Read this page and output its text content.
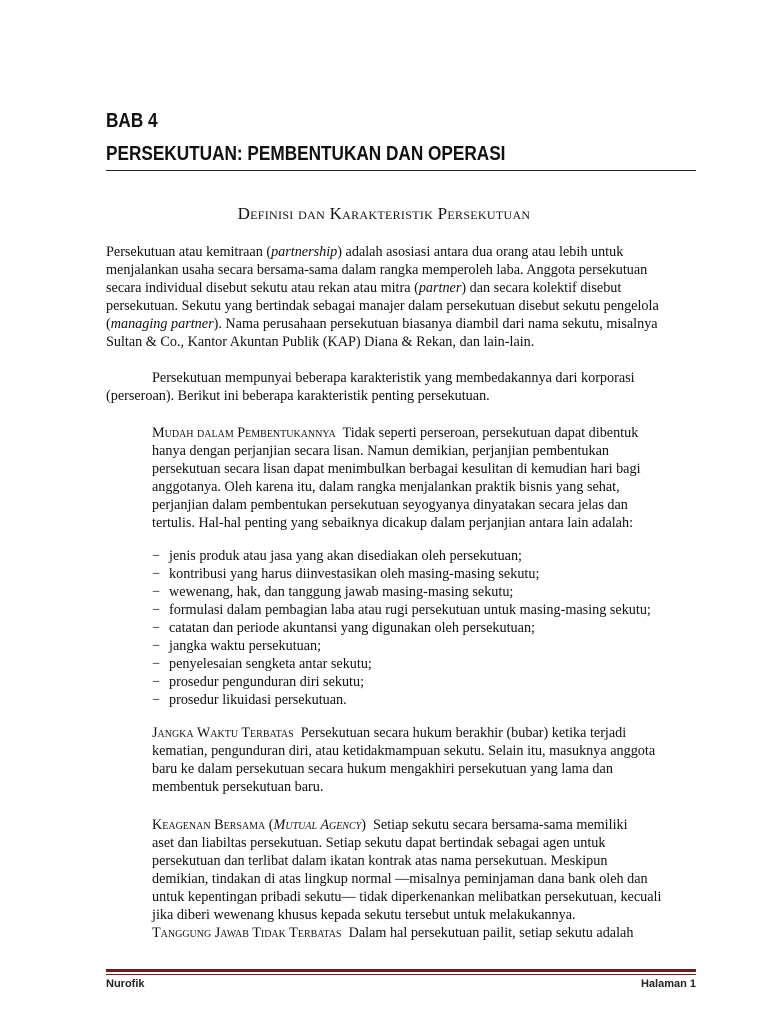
BAB 4
PERSEKUTUAN: PEMBENTUKAN DAN OPERASI
Definisi dan Karakteristik Persekutuan
Persekutuan atau kemitraan (partnership) adalah asosiasi antara dua orang atau lebih untuk
menjalankan usaha secara bersama-sama dalam rangka memperoleh laba. Anggota persekutuan
secara individual disebut sekutu atau rekan atau mitra (partner) dan secara kolektif disebut
persekutuan. Sekutu yang bertindak sebagai manajer dalam persekutuan disebut sekutu pengelola
(managing partner). Nama perusahaan persekutuan biasanya diambil dari nama sekutu, misalnya
Sultan & Co., Kantor Akuntan Publik (KAP) Diana & Rekan, dan lain-lain.
Persekutuan mempunyai beberapa karakteristik yang membedakannya dari korporasi
(perseroan). Berikut ini beberapa karakteristik penting persekutuan.
Mudah dalam Pembentukannya Tidak seperti perseroan, persekutuan dapat dibentuk
hanya dengan perjanjian secara lisan. Namun demikian, perjanjian pembentukan
persekutuan secara lisan dapat menimbulkan berbagai kesulitan di kemudian hari bagi
anggotanya. Oleh karena itu, dalam rangka menjalankan praktik bisnis yang sehat,
perjanjian dalam pembentukan persekutuan seyogyanya dinyatakan secara jelas dan
tertulis. Hal-hal penting yang sebaiknya dicakup dalam perjanjian antara lain adalah:
− jenis produk atau jasa yang akan disediakan oleh persekutuan;
− kontribusi yang harus diinvestasikan oleh masing-masing sekutu;
− wewenang, hak, dan tanggung jawab masing-masing sekutu;
− formulasi dalam pembagian laba atau rugi persekutuan untuk masing-masing sekutu;
− catatan dan periode akuntansi yang digunakan oleh persekutuan;
− jangka waktu persekutuan;
− penyelesaian sengketa antar sekutu;
− prosedur pengunduran diri sekutu;
− prosedur likuidasi persekutuan.
Jangka Waktu Terbatas Persekutuan secara hukum berakhir (bubar) ketika terjadi
kematian, pengunduran diri, atau ketidakmampuan sekutu. Selain itu, masuknya anggota
baru ke dalam persekutuan secara hukum mengakhiri persekutuan yang lama dan
membentuk persekutuan baru.
Keagenan Bersama (Mutual Agency) Setiap sekutu secara bersama-sama memiliki
aset dan liabiltas persekutuan. Setiap sekutu dapat bertindak sebagai agen untuk
persekutuan dan terlibat dalam ikatan kontrak atas nama persekutuan. Meskipun
demikian, tindakan di atas lingkup normal —misalnya peminjaman dana bank oleh dan
untuk kepentingan pribadi sekutu— tidak diperkenankan melibatkan persekutuan, kecuali
jika diberi wewenang khusus kepada sekutu tersebut untuk melakukannya.
Tanggung Jawab Tidak Terbatas Dalam hal persekutuan pailit, setiap sekutu adalah
Nurofik	Halaman 1
